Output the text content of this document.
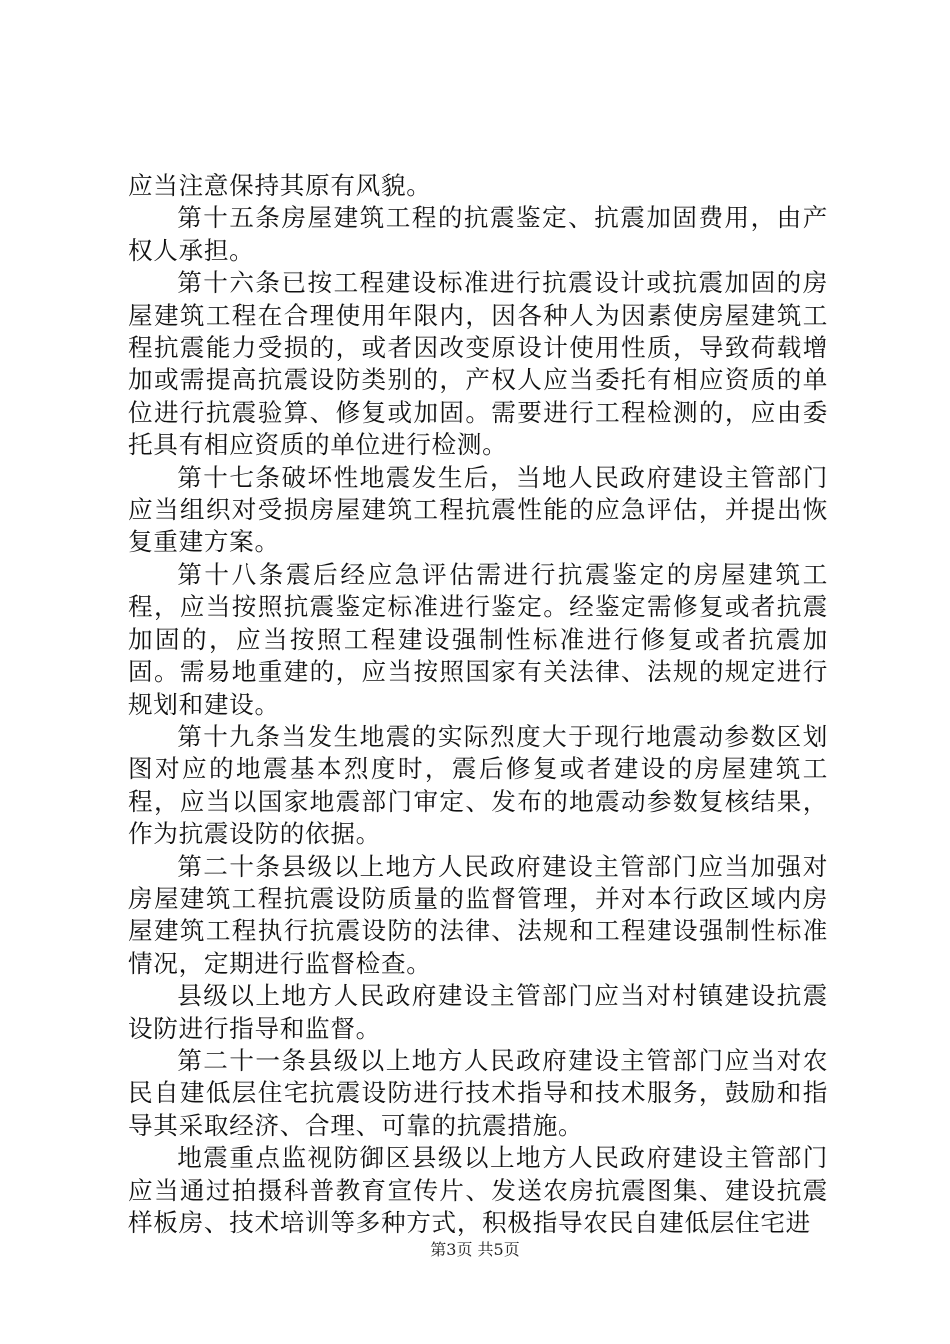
应当注意保持其原有风貌。

第十五条房屋建筑工程的抗震鉴定、抗震加固费用，由产权人承担。

第十六条已按工程建设标准进行抗震设计或抗震加固的房屋建筑工程在合理使用年限内，因各种人为因素使房屋建筑工程抗震能力受损的，或者因改变原设计使用性质，导致荷载增加或需提高抗震设防类别的，产权人应当委托有相应资质的单位进行抗震验算、修复或加固。需要进行工程检测的，应由委托具有相应资质的单位进行检测。

第十七条破坏性地震发生后，当地人民政府建设主管部门应当组织对受损房屋建筑工程抗震性能的应急评估，并提出恢复重建方案。

第十八条震后经应急评估需进行抗震鉴定的房屋建筑工程，应当按照抗震鉴定标准进行鉴定。经鉴定需修复或者抗震加固的，应当按照工程建设强制性标准进行修复或者抗震加固。需易地重建的，应当按照国家有关法律、法规的规定进行规划和建设。

第十九条当发生地震的实际烈度大于现行地震动参数区划图对应的地震基本烈度时，震后修复或者建设的房屋建筑工程，应当以国家地震部门审定、发布的地震动参数复核结果，作为抗震设防的依据。

第二十条县级以上地方人民政府建设主管部门应当加强对房屋建筑工程抗震设防质量的监督管理，并对本行政区域内房屋建筑工程执行抗震设防的法律、法规和工程建设强制性标准情况，定期进行监督检查。

县级以上地方人民政府建设主管部门应当对村镇建设抗震设防进行指导和监督。

第二十一条县级以上地方人民政府建设主管部门应当对农民自建低层住宅抗震设防进行技术指导和技术服务，鼓励和指导其采取经济、合理、可靠的抗震措施。

地震重点监视防御区县级以上地方人民政府建设主管部门应当通过拍摄科普教育宣传片、发送农房抗震图集、建设抗震样板房、技术培训等多种方式，积极指导农民自建低层住宅进

第3页 共5页
